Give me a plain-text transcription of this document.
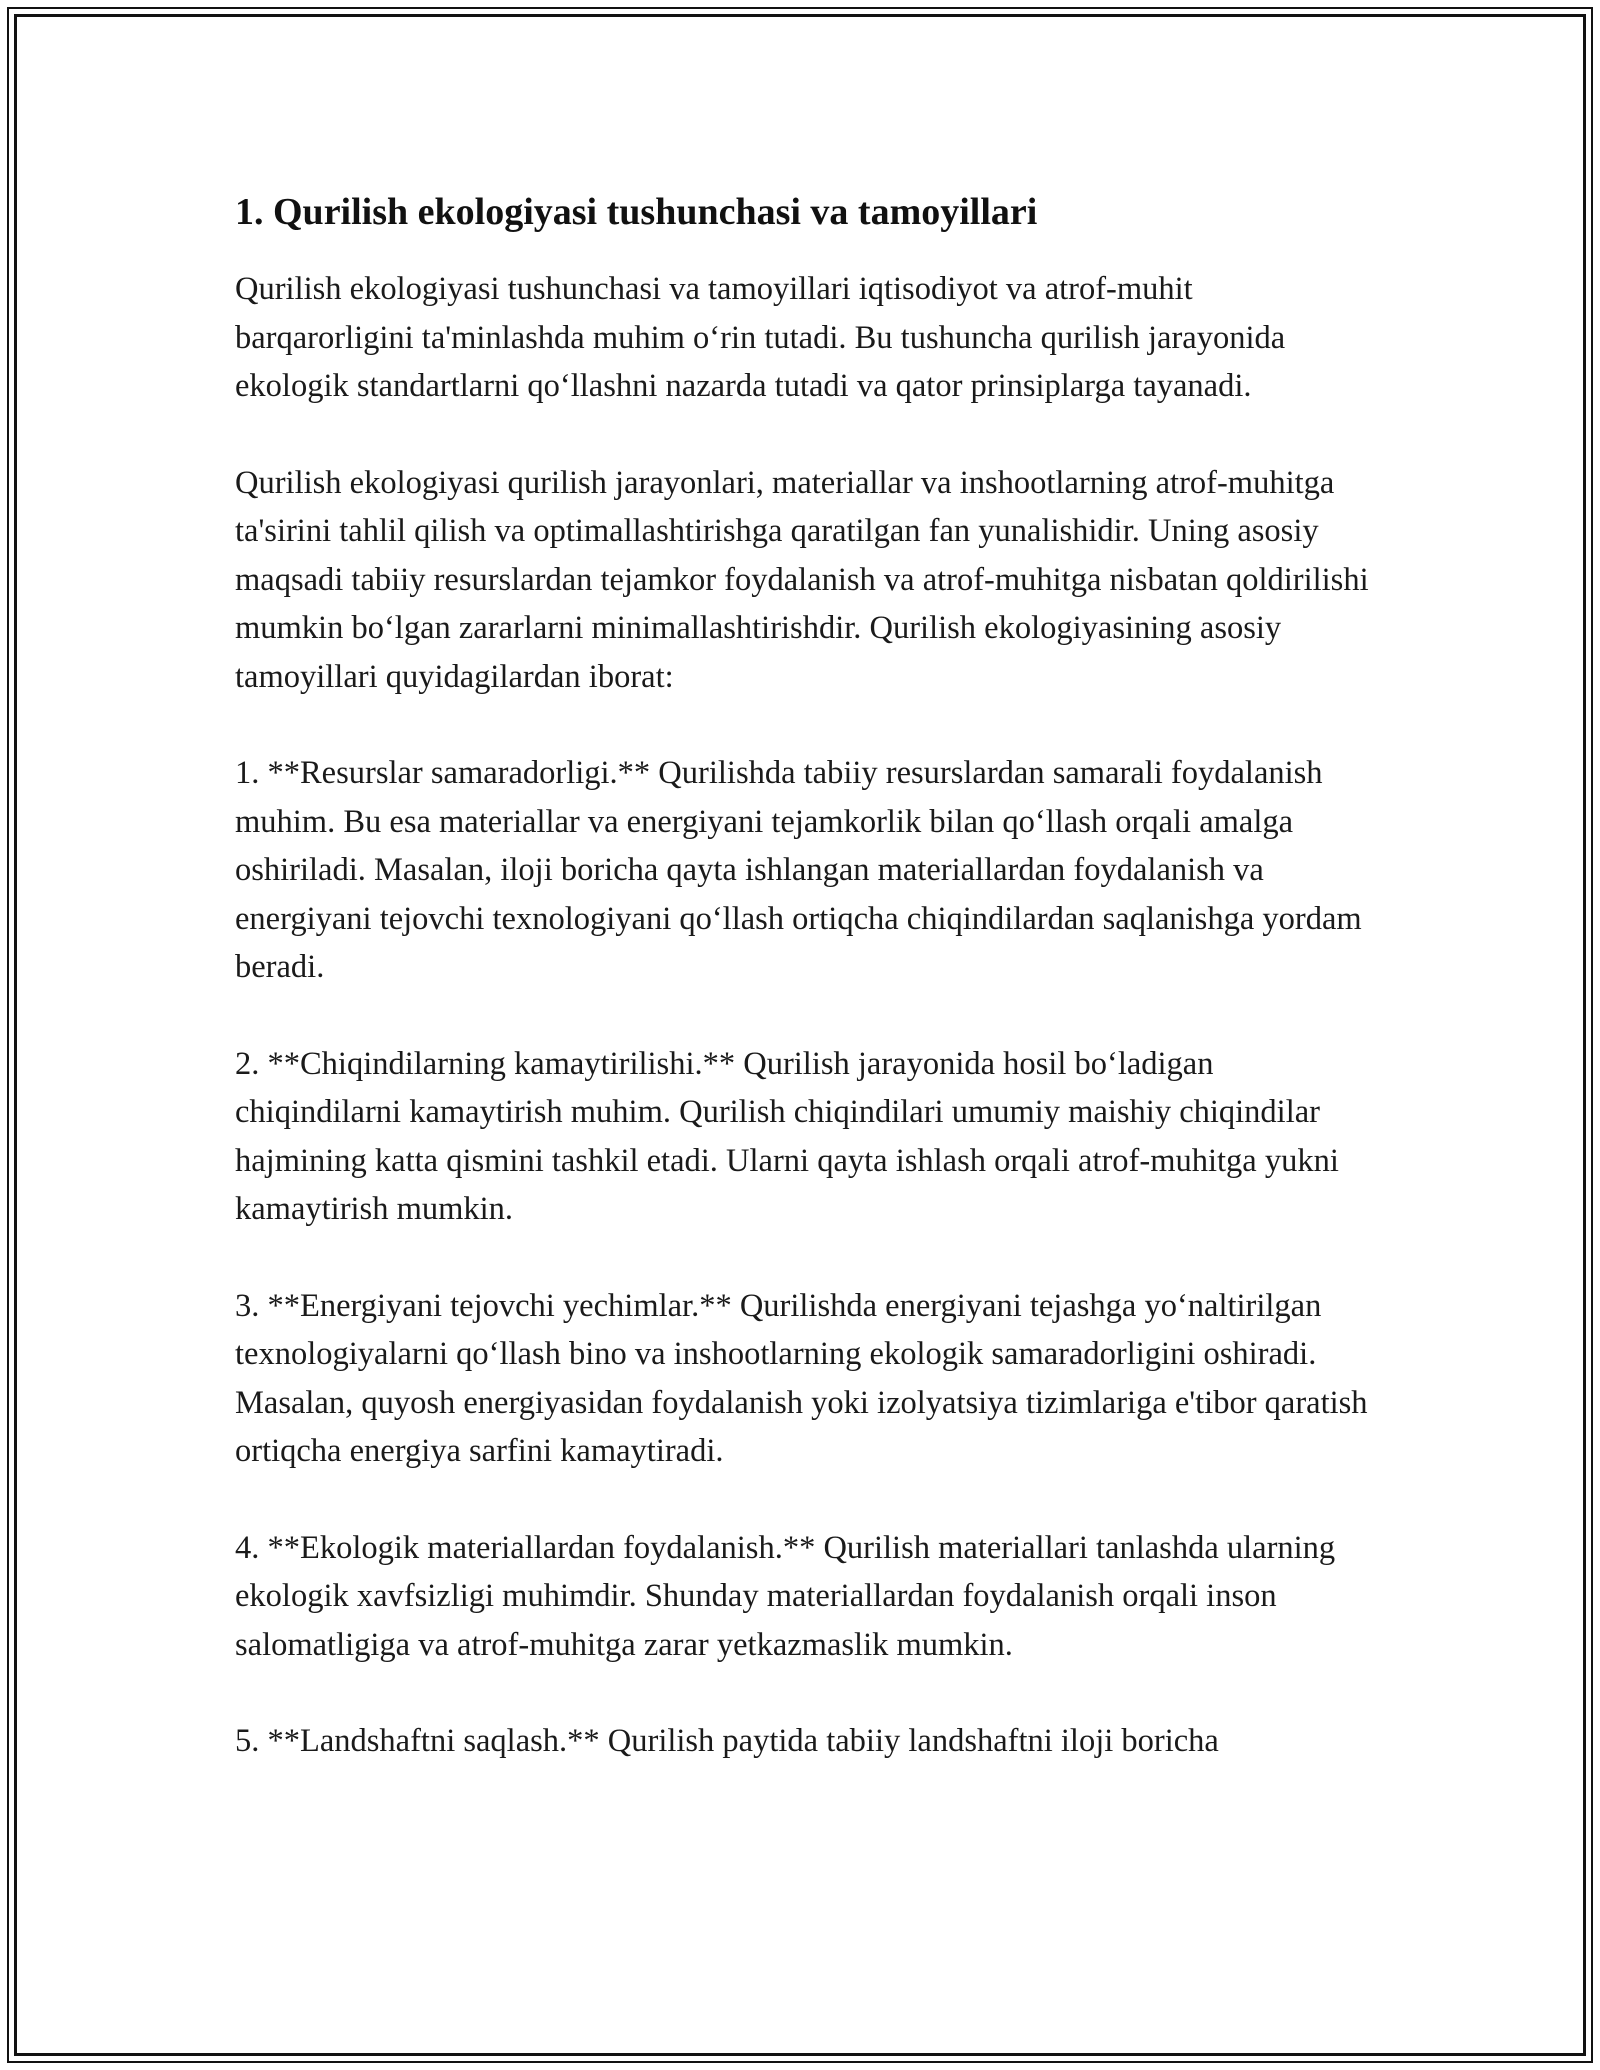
1. Qurilish ekologiyasi tushunchasi va tamoyillari

Qurilish ekologiyasi tushunchasi va tamoyillari iqtisodiyot va atrof-muhit barqarorligini ta'minlashda muhim o‘rin tutadi. Bu tushuncha qurilish jarayonida ekologik standartlarni qo‘llashni nazarda tutadi va qator prinsiplarga tayanadi.

Qurilish ekologiyasi qurilish jarayonlari, materiallar va inshootlarning atrof-muhitga ta'sirini tahlil qilish va optimallashtirishga qaratilgan fan yunalishidir. Uning asosiy maqsadi tabiiy resurslardan tejamkor foydalanish va atrof-muhitga nisbatan qoldirilishi mumkin bo‘lgan zararlarni minimallashtirishdir. Qurilish ekologiyasining asosiy tamoyillari quyidagilardan iborat:

1. **Resurslar samaradorligi.** Qurilishda tabiiy resurslardan samarali foydalanish muhim. Bu esa materiallar va energiyani tejamkorlik bilan qo‘llash orqali amalga oshiriladi. Masalan, iloji boricha qayta ishlangan materiallardan foydalanish va energiyani tejovchi texnologiyani qo‘llash ortiqcha chiqindilardan saqlanishga yordam beradi.

2. **Chiqindilarning kamaytirilishi.** Qurilish jarayonida hosil bo‘ladigan chiqindilarni kamaytirish muhim. Qurilish chiqindilari umumiy maishiy chiqindilar hajmining katta qismini tashkil etadi. Ularni qayta ishlash orqali atrof-muhitga yukni kamaytirish mumkin.

3. **Energiyani tejovchi yechimlar.** Qurilishda energiyani tejashga yo‘naltirilgan texnologiyalarni qo‘llash bino va inshootlarning ekologik samaradorligini oshiradi. Masalan, quyosh energiyasidan foydalanish yoki izolyatsiya tizimlariga e'tibor qaratish ortiqcha energiya sarfini kamaytiradi.

4. **Ekologik materiallardan foydalanish.** Qurilish materiallari tanlashda ularning ekologik xavfsizligi muhimdir. Shunday materiallardan foydalanish orqali inson salomatligiga va atrof-muhitga zarar yetkazmaslik mumkin.

5. **Landshaftni saqlash.** Qurilish paytida tabiiy landshaftni iloji boricha
